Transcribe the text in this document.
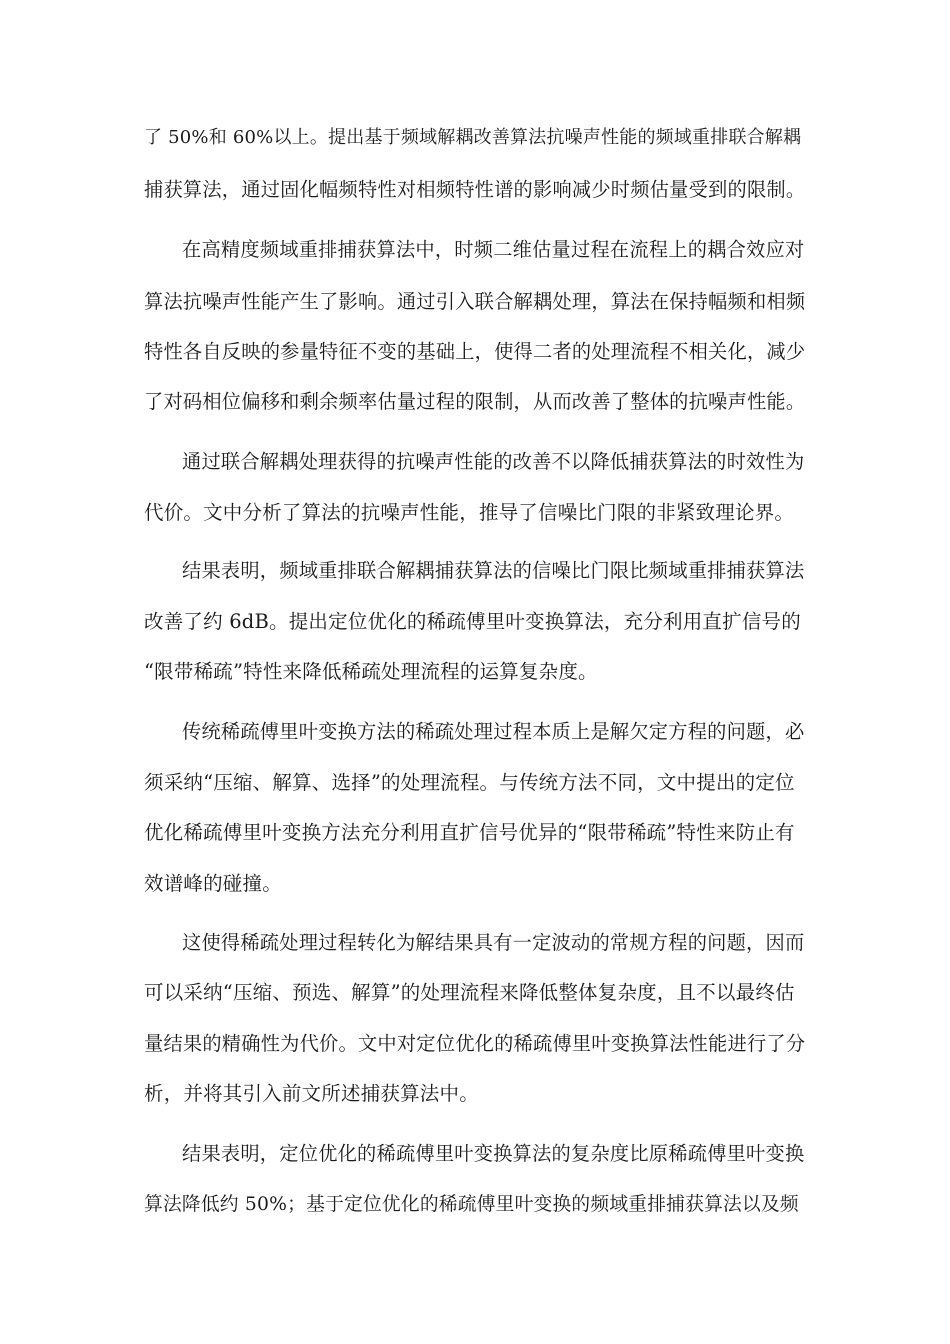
了 50%和 60%以上。提出基于频域解耦改善算法抗噪声性能的频域重排联合解耦

捕获算法，通过固化幅频特性对相频特性谱的影响减少时频估量受到的限制。

在高精度频域重排捕获算法中，时频二维估量过程在流程上的耦合效应对

算法抗噪声性能产生了影响。通过引入联合解耦处理，算法在保持幅频和相频

特性各自反映的参量特征不变的基础上，使得二者的处理流程不相关化，减少

了对码相位偏移和剩余频率估量过程的限制，从而改善了整体的抗噪声性能。

通过联合解耦处理获得的抗噪声性能的改善不以降低捕获算法的时效性为

代价。文中分析了算法的抗噪声性能，推导了信噪比门限的非紧致理论界。

结果表明，频域重排联合解耦捕获算法的信噪比门限比频域重排捕获算法

改善了约 6dB。提出定位优化的稀疏傅里叶变换算法，充分利用直扩信号的

“限带稀疏”特性来降低稀疏处理流程的运算复杂度。

传统稀疏傅里叶变换方法的稀疏处理过程本质上是解欠定方程的问题，必

须采纳“压缩、解算、选择”的处理流程。与传统方法不同，文中提出的定位

优化稀疏傅里叶变换方法充分利用直扩信号优异的“限带稀疏”特性来防止有

效谱峰的碰撞。

这使得稀疏处理过程转化为解结果具有一定波动的常规方程的问题，因而

可以采纳“压缩、预选、解算”的处理流程来降低整体复杂度，且不以最终估

量结果的精确性为代价。文中对定位优化的稀疏傅里叶变换算法性能进行了分

析，并将其引入前文所述捕获算法中。

结果表明，定位优化的稀疏傅里叶变换算法的复杂度比原稀疏傅里叶变换

算法降低约 50%；基于定位优化的稀疏傅里叶变换的频域重排捕获算法以及频
